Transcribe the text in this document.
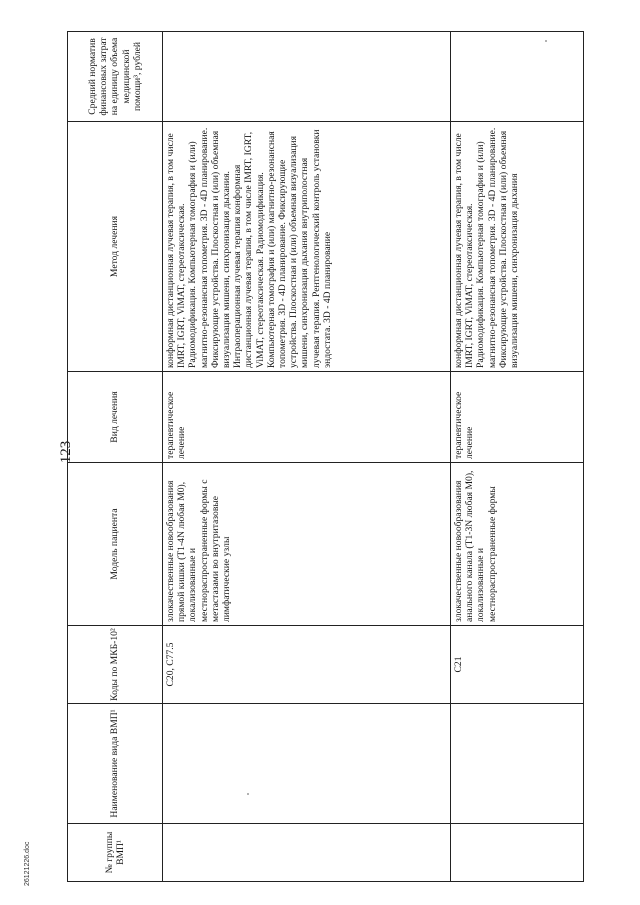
123
№ группы ВМП¹	Наименование вида ВМП¹	Коды по МКБ-10²	Модель пациента	Вид лечения	Метод лечения	Средний норматив финансовых затрат на единицу объема медицинской помощи³, рублей
		C20, C77.5	злокачественные новообразования прямой кишки (T1-4N любая M0), локализованные и местнораспространенные формы с метастазами во внутритазовые лимфатические узлы	терапевтическое лечение	конформная дистанционная лучевая терапия, в том числе IMRT, IGRT, ViMAT, стереотаксическая. Радиомодификация. Компьютерная томография и (или) магнитно-резонансная топометрия. 3D - 4D планирование. Фиксирующие устройства. Плоскостная и (или) объемная визуализация мишени, синхронизация дыхания. Интраоперационная лучевая терапия конформная дистанционная лучевая терапия, в том числе IMRT, IGRT, ViMAT, стереотаксическая. Радиомодификация. Компьютерная томография и (или) магнитно-резонансная топометрия. 3D - 4D планирование. Фиксирующие устройства. Плоскостная и (или) объемная визуализация мишени, синхронизация дыхания внутриполостная лучевая терапия. Рентгенологический контроль установки эндостата. 3D - 4D планирование	
		C21	злокачественные новообразования анального канала (T1-3N любая M0), локализованные и местнораспространенные формы	терапевтическое лечение	конформная дистанционная лучевая терапия, в том числе IMRT, IGRT, ViMAT, стереотаксическая. Радиомодификация. Компьютерная томография и (или) магнитно-резонансная топометрия. 3D - 4D планирование. Фиксирующие устройства. Плоскостная и (или) объемная визуализация мишени, синхронизация дыхания	
26121226.doc
